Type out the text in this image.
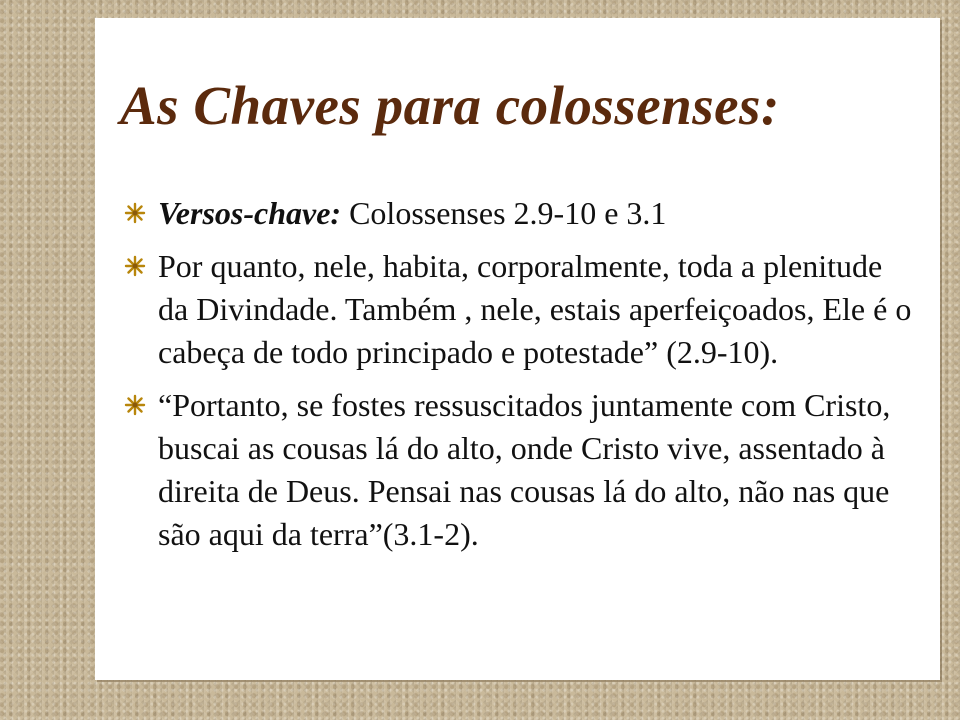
As Chaves para colossenses:
Versos-chave: Colossenses 2.9-10 e 3.1
Por quanto, nele, habita, corporalmente, toda a plenitude da Divindade. Também , nele, estais aperfeiçoados, Ele é o cabeça de todo principado e potestade” (2.9-10).
“Portanto, se fostes ressuscitados juntamente com Cristo, buscai as cousas lá do alto, onde Cristo vive, assentado à direita de Deus. Pensai nas cousas lá do alto, não nas que são aqui da terra”(3.1-2).
